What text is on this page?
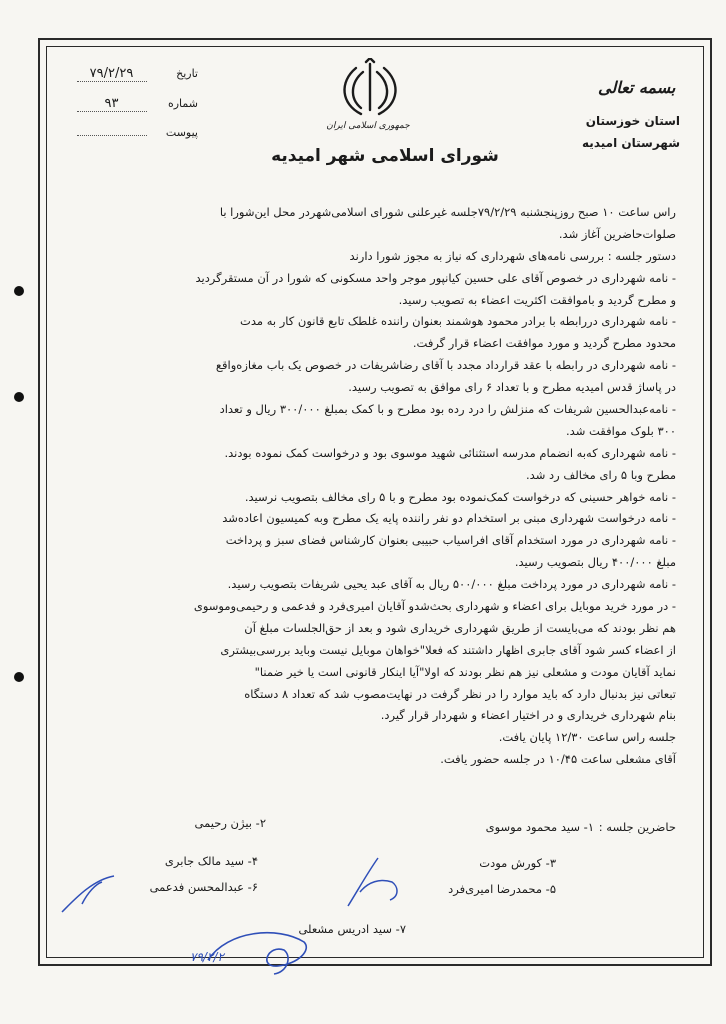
تاریخ ۷۹/۲/۲۹
شماره ۹۳
پیوست	جمهوری اسلامی ایران
شورای اسلامی شهر امیدیه
بسمه تعالی
استان خوزستان
شهرستان امیدیه
راس ساعت ۱۰ صبح روزپنجشنبه ۷۹/۲/۲۹جلسه غیرعلنی شورای اسلامی‌شهردر محل این‌شورا با
صلوات‌حاضرین آغاز شد.
دستور جلسه : بررسی نامه‌های شهرداری که نیاز به مجوز شورا دارند
- نامه شهرداری در خصوص آقای علی حسین کیانپور موجر واحد مسکونی که شورا در آن مستقرگردید
و مطرح گردید و باموافقت اکثریت اعضاء به تصویب رسید.
- نامه شهرداری دررابطه با برادر محمود هوشمند بعنوان راننده غلطک تابع قانون کار به مدت
محدود مطرح گردید و مورد موافقت اعضاء قرار گرفت.
- نامه شهرداری در رابطه با عقد قرارداد مجدد با آقای رضاشریفات در خصوص یک باب مغازه‌واقع
در پاساژ قدس امیدیه مطرح و با تعداد ۶ رای موافق به تصویب رسید.
- نامه‌عبدالحسین شریفات که منزلش را درد رده بود مطرح و با کمک بمبلغ ۳۰۰/۰۰۰ ریال و تعداد
۳۰۰ بلوک موافقت شد.
- نامه شهرداری که‌به انضمام مدرسه استثنائی شهید موسوی بود و درخواست کمک نموده بودند.
مطرح وبا ۵ رای مخالف رد شد.
- نامه خواهر حسینی که درخواست کمک‌نموده بود مطرح و با ۵ رای مخالف بتصویب نرسید.
- نامه درخواست شهرداری مبنی بر استخدام دو نفر راننده پایه یک مطرح وبه کمیسیون اعاده‌شد
- نامه شهرداری در مورد استخدام آقای افراسیاب حبیبی بعنوان کارشناس فضای سبز و پرداخت
مبلغ ۴۰۰/۰۰۰ ریال بتصویب رسید.
- نامه شهرداری در مورد پرداخت مبلغ ۵۰۰/۰۰۰ ریال به آقای عبد یحیی شریفات بتصویب رسید.
- در مورد خرید موبایل برای اعضاء و شهرداری بحث‌شدو آقایان امیری‌فرد و فدعمی و رحیمی‌وموسوی
هم نظر بودند که می‌بایست از طریق شهرداری خریداری شود و بعد از حق‌الجلسات مبلغ آن
از اعضاء کسر شود آقای جابری اظهار داشتند که فعلا"خواهان موبایل نیست وباید بررسی‌بیشتری
نماید آقایان مودت و مشعلی نیز هم نظر بودند که اولا"آیا اینکار قانونی است یا خیر ضمنا"
تبعاتی نیز بدنبال دارد که باید موارد را در نظر گرفت در نهایت‌مصوب شد که تعداد ۸ دستگاه
بنام شهرداری خریداری و در اختیار اعضاء و شهردار قرار گیرد.
جلسه راس ساعت ۱۲/۳۰ پایان یافت.
آقای مشعلی ساعت ۱۰/۴۵ در جلسه حضور یافت.
حاضرین جلسه :
۱- سید محمود موسوی
۲- بیژن رحیمی
۳- کورش مودت
۴- سید مالک جابری
۵- محمدرضا امیری‌فرد
۶- عبدالمحسن فدعمی
۷- سید ادریس مشعلی
۷۹/۲/۲
